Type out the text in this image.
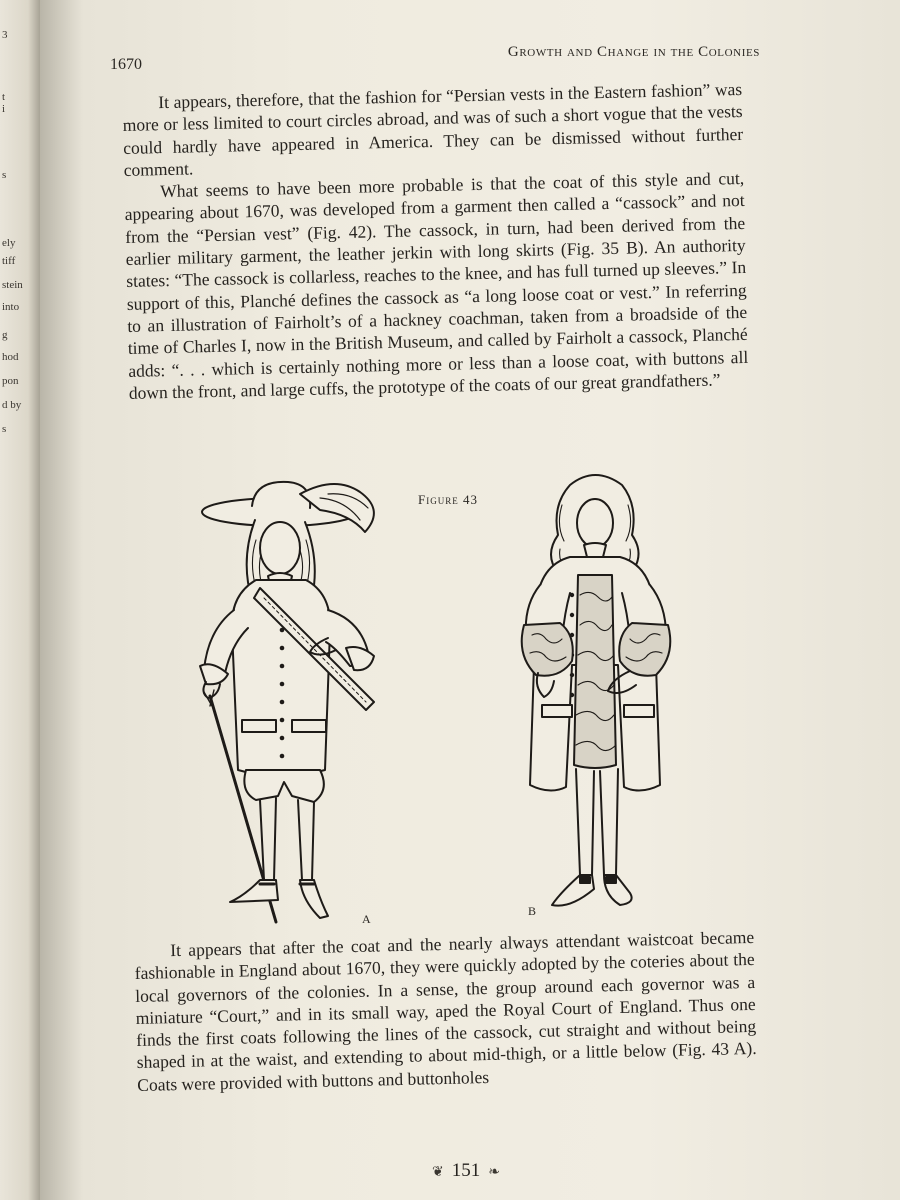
3
t
i
s
ely
tiff
stein
into
g
hod
pon
d by
s
Growth and Change in the Colonies
1670

It appears, therefore, that the fashion for “Persian vests in the Eastern fashion” was more or less limited to court circles abroad, and was of such a short vogue that the vests could hardly have appeared in America. They can be dismissed without further comment.

What seems to have been more probable is that the coat of this style and cut, appearing about 1670, was developed from a garment then called a “cassock” and not from the “Persian vest” (Fig. 42). The cassock, in turn, had been derived from the earlier military garment, the leather jerkin with long skirts (Fig. 35 B). An authority states: “The cassock is collarless, reaches to the knee, and has full turned up sleeves.” In support of this, Planché defines the cassock as “a long loose coat or vest.” In referring to an illustration of Fairholt’s of a hackney coachman, taken from a broadside of the time of Charles I, now in the British Museum, and called by Fairholt a cassock, Planché adds: “. . . which is certainly nothing more or less than a loose coat, with buttons all down the front, and large cuffs, the prototype of the coats of our great grandfathers.”

Figure 43
A
B

It appears that after the coat and the nearly always attendant waistcoat became fashionable in England about 1670, they were quickly adopted by the coteries about the local governors of the colonies. In a sense, the group around each governor was a miniature “Court,” and in its small way, aped the Royal Court of England. Thus one finds the first coats following the lines of the cassock, cut straight and without being shaped in at the waist, and extending to about mid-thigh, or a little below (Fig. 43 A). Coats were provided with buttons and buttonholes

❦ 151 ❧
